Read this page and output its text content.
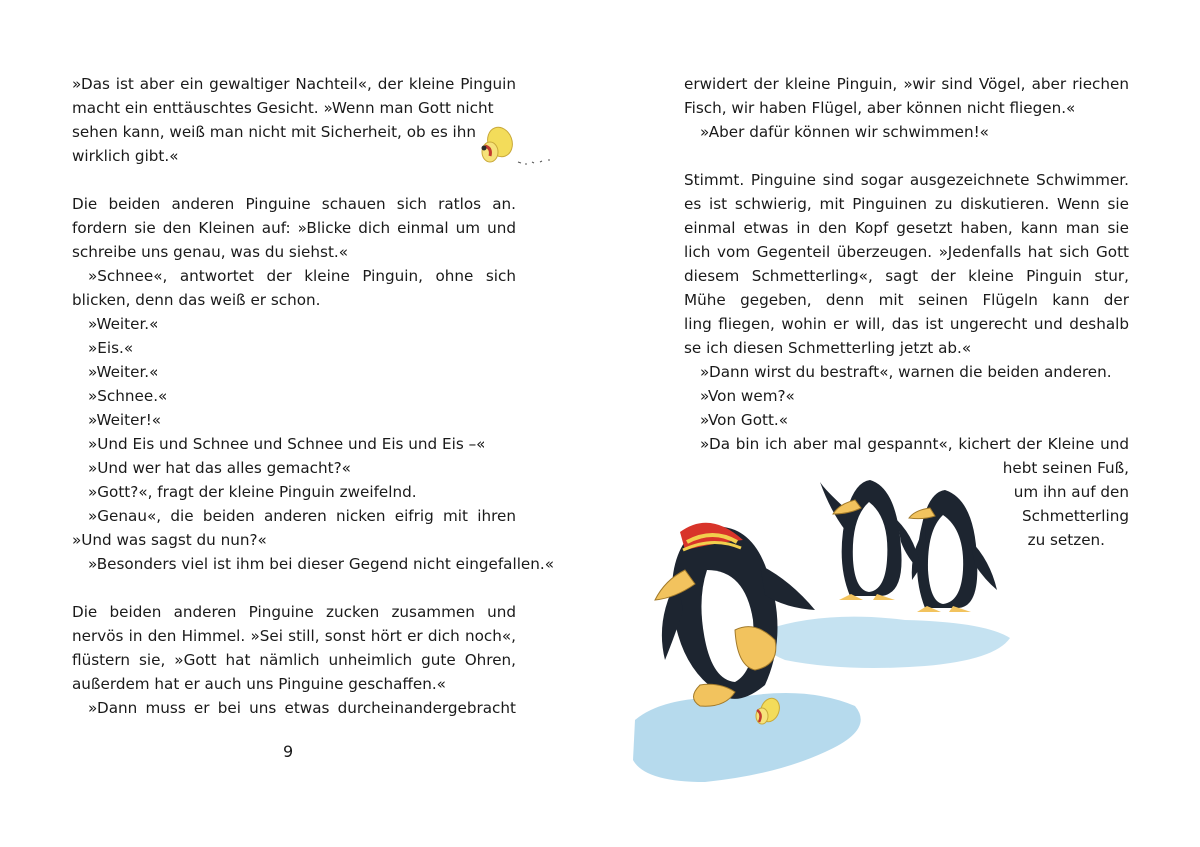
»Das ist aber ein gewaltiger Nachteil«, der kleine Pinguin
macht ein enttäuschtes Gesicht. »Wenn man Gott nicht
sehen kann, weiß man nicht mit Sicherheit, ob es ihn
wirklich gibt.«
Die beiden anderen Pinguine schauen sich ratlos an.
fordern sie den Kleinen auf: »Blicke dich einmal um und
schreibe uns genau, was du siehst.«
»Schnee«, antwortet der kleine Pinguin, ohne sich
blicken, denn das weiß er schon.
»Weiter.«
»Eis.«
»Weiter.«
»Schnee.«
»Weiter!«
»Und Eis und Schnee und Schnee und Eis und Eis –«
»Und wer hat das alles gemacht?«
»Gott?«, fragt der kleine Pinguin zweifelnd.
»Genau«, die beiden anderen nicken eifrig mit ihren
»Und was sagst du nun?«
»Besonders viel ist ihm bei dieser Gegend nicht eingefallen.«
Die beiden anderen Pinguine zucken zusammen und
nervös in den Himmel. »Sei still, sonst hört er dich noch«,
flüstern sie, »Gott hat nämlich unheimlich gute Ohren,
außerdem hat er auch uns Pinguine geschaffen.«
»Dann muss er bei uns etwas durcheinandergebracht
9
erwidert der kleine Pinguin, »wir sind Vögel, aber riechen
Fisch, wir haben Flügel, aber können nicht fliegen.«
»Aber dafür können wir schwimmen!«
Stimmt. Pinguine sind sogar ausgezeichnete Schwimmer.
es ist schwierig, mit Pinguinen zu diskutieren. Wenn sie
einmal etwas in den Kopf gesetzt haben, kann man sie
lich vom Gegenteil überzeugen. »Jedenfalls hat sich Gott
diesem Schmetterling«, sagt der kleine Pinguin stur,
Mühe gegeben, denn mit seinen Flügeln kann der
ling fliegen, wohin er will, das ist ungerecht und deshalb
se ich diesen Schmetterling jetzt ab.«
»Dann wirst du bestraft«, warnen die beiden anderen.
»Von wem?«
»Von Gott.«
»Da bin ich aber mal gespannt«, kichert der Kleine und
hebt seinen Fuß,
um ihn auf den
Schmetterling
zu setzen.
